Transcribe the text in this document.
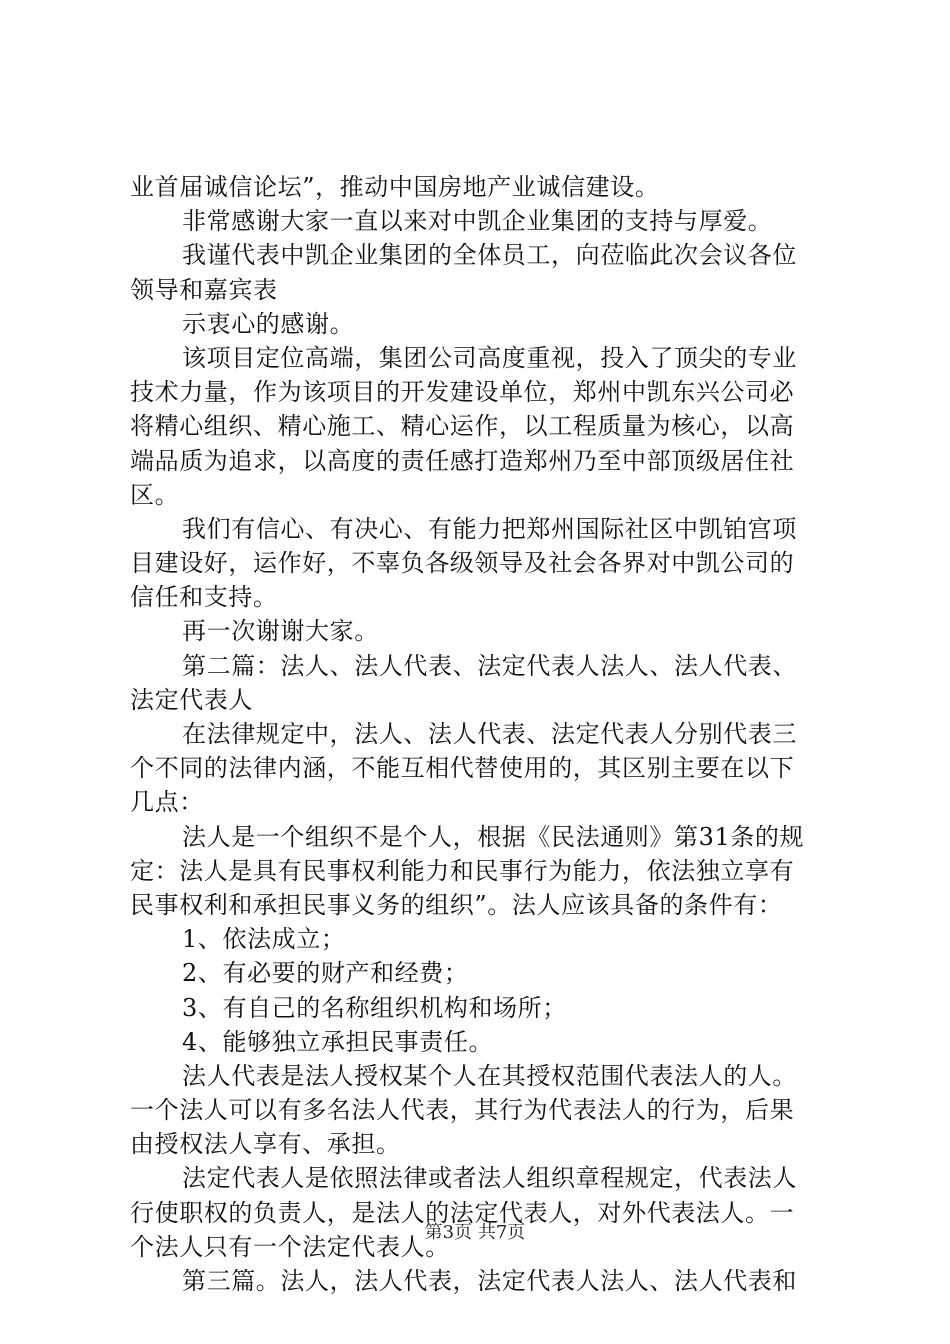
业首届诚信论坛”，推动中国房地产业诚信建设。
非常感谢大家一直以来对中凯企业集团的支持与厚爱。
我谨代表中凯企业集团的全体员工，向莅临此次会议各位
领导和嘉宾表
示衷心的感谢。
该项目定位高端，集团公司高度重视，投入了顶尖的专业
技术力量，作为该项目的开发建设单位，郑州中凯东兴公司必
将精心组织、精心施工、精心运作，以工程质量为核心，以高
端品质为追求，以高度的责任感打造郑州乃至中部顶级居住社
区。
我们有信心、有决心、有能力把郑州国际社区中凯铂宫项
目建设好，运作好，不辜负各级领导及社会各界对中凯公司的
信任和支持。
再一次谢谢大家。
第二篇：法人、法人代表、法定代表人法人、法人代表、
法定代表人
在法律规定中，法人、法人代表、法定代表人分别代表三
个不同的法律内涵，不能互相代替使用的，其区别主要在以下
几点：
法人是一个组织不是个人，根据《民法通则》第31条的规
定：法人是具有民事权利能力和民事行为能力，依法独立享有
民事权利和承担民事义务的组织”。法人应该具备的条件有：
1、依法成立；
2、有必要的财产和经费；
3、有自己的名称组织机构和场所；
4、能够独立承担民事责任。
法人代表是法人授权某个人在其授权范围代表法人的人。
一个法人可以有多名法人代表，其行为代表法人的行为，后果
由授权法人享有、承担。
法定代表人是依照法律或者法人组织章程规定，代表法人
行使职权的负责人，是法人的法定代表人，对外代表法人。一
个法人只有一个法定代表人。
第三篇。法人，法人代表，法定代表人法人、法人代表和
第3页 共7页
